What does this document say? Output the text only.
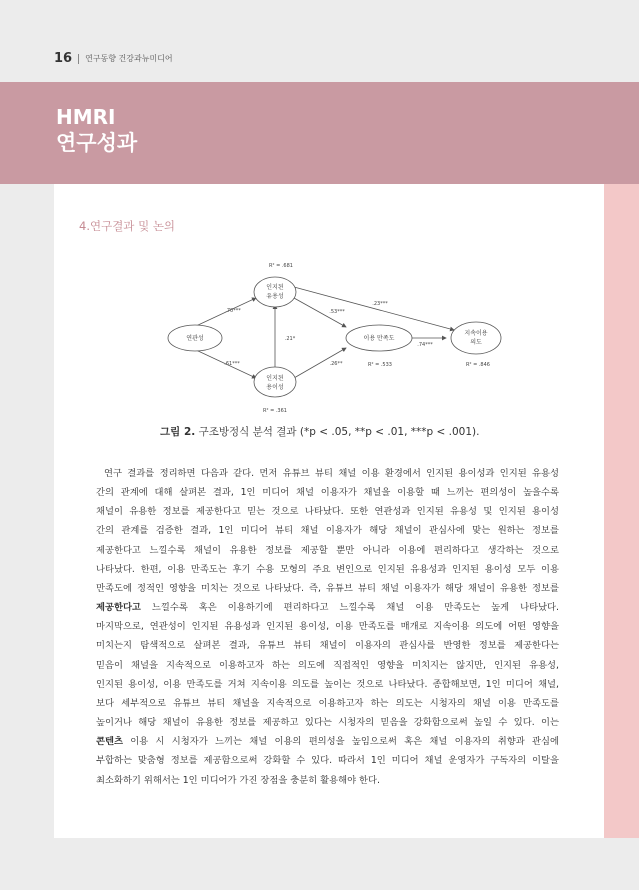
16 연구동향 건강과뉴미디어
HMRI
연구성과
4.연구결과 및 논의
연관성
인지된
유용성
인지된
용이성
이용 만족도
지속이용
의도
R² = .681
R² = .361
R² = .533	R² = .846
.70***
.61***
.21*
.53***
.26**
.23***
.74***
그림 2. 구조방정식 분석 결과 (*p < .05, **p < .01, ***p < .001).

연구 결과를 정리하면 다음과 같다. 먼저 유튜브 뷰티 채널 이용 환경에서 인지된 용이성과 인지된 유용성

간의 관계에 대해 살펴본 결과, 1인 미디어 채널 이용자가 채널을 이용할 때 느끼는 편의성이 높을수록

채널이 유용한 정보를 제공한다고 믿는 것으로 나타났다. 또한 연관성과 인지된 유용성 및 인지된 용이성

간의 관계를 검증한 결과, 1인 미디어 뷰티 채널 이용자가 해당 채널이 관심사에 맞는 원하는 정보를

제공한다고 느낄수록 채널이 유용한 정보를 제공할 뿐만 아니라 이용에 편리하다고 생각하는 것으로

나타났다. 한편, 이용 만족도는 후기 수용 모형의 주요 변인으로 인지된 유용성과 인지된 용이성 모두 이용

만족도에 정적인 영향을 미치는 것으로 나타났다. 즉, 유튜브 뷰티 채널 이용자가 해당 채널이 유용한 정보를

제공한다고 느낄수록 혹은 이용하기에 편리하다고 느낄수록 채널 이용 만족도는 높게 나타났다.

마지막으로, 연관성이 인지된 유용성과 인지된 용이성, 이용 만족도를 매개로 지속이용 의도에 어떤 영향을

미치는지 탐색적으로 살펴본 결과, 유튜브 뷰티 채널이 이용자의 관심사를 반영한 정보를 제공한다는

믿음이 채널을 지속적으로 이용하고자 하는 의도에 직접적인 영향을 미치지는 않지만, 인지된 유용성,

인지된 용이성, 이용 만족도를 거쳐 지속이용 의도를 높이는 것으로 나타났다. 종합해보면, 1인 미디어 채널,

보다 세부적으로 유튜브 뷰티 채널을 지속적으로 이용하고자 하는 의도는 시청자의 채널 이용 만족도를

높이거나 해당 채널이 유용한 정보를 제공하고 있다는 시청자의 믿음을 강화함으로써 높일 수 있다. 이는

콘텐츠 이용 시 시청자가 느끼는 채널 이용의 편의성을 높임으로써 혹은 채널 이용자의 취향과 관심에

부합하는 맞춤형 정보를 제공함으로써 강화할 수 있다. 따라서 1인 미디어 채널 운영자가 구독자의 이탈을

최소화하기 위해서는 1인 미디어가 가진 장점을 충분히 활용해야 한다.
